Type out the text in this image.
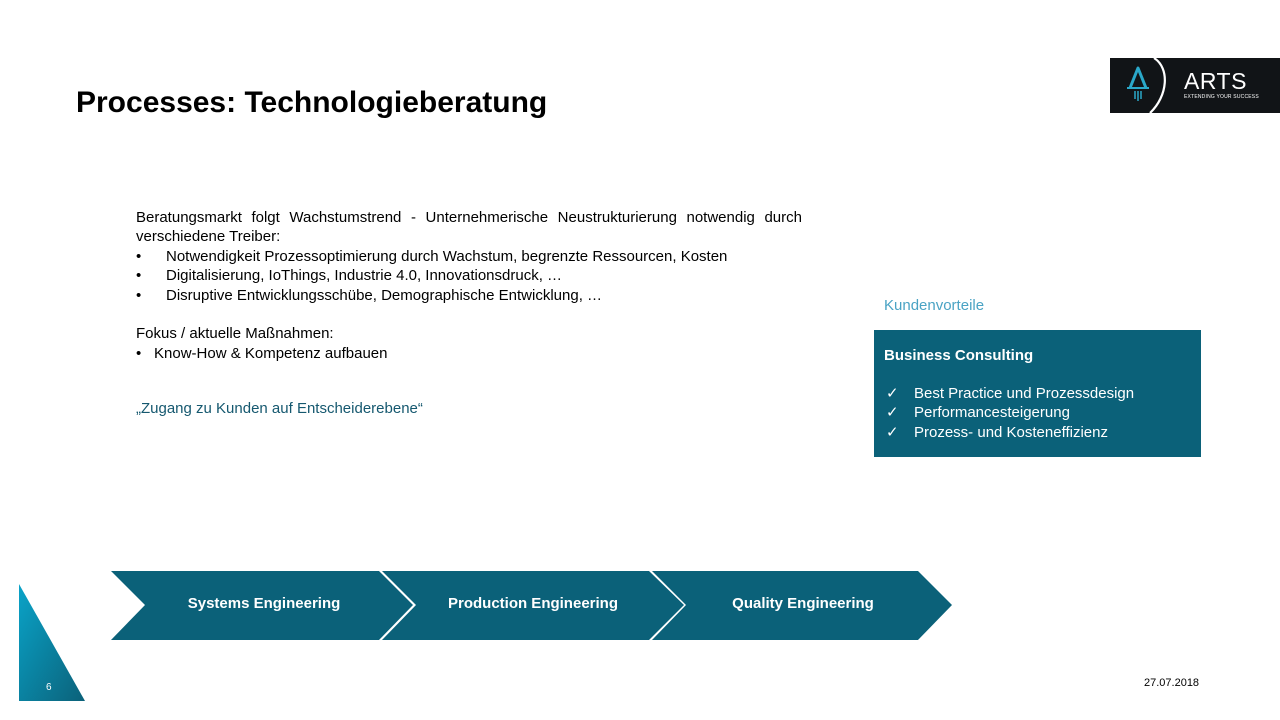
Processes: Technologieberatung
ARTS
EXTENDING YOUR SUCCESS
Beratungsmarkt folgt Wachstumstrend - Unternehmerische Neustrukturierung notwendig durch verschiedene Treiber:
• Notwendigkeit Prozessoptimierung durch Wachstum, begrenzte Ressourcen, Kosten
• Digitalisierung, IoThings, Industrie 4.0, Innovationsdruck, …
• Disruptive Entwicklungsschübe, Demographische Entwicklung, …
Fokus / aktuelle Maßnahmen:
• Know-How & Kompetenz aufbauen
„Zugang zu Kunden auf Entscheiderebene“
Kundenvorteile
Business Consulting
✓ Best Practice und Prozessdesign
✓ Performancesteigerung
✓ Prozess- und Kosteneffizienz
Systems Engineering	Production Engineering	Quality Engineering
6	27.07.2018
